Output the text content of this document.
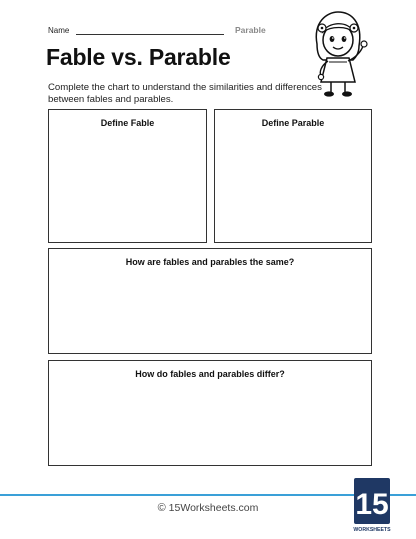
Name	Parable
Fable vs. Parable

Complete the chart to understand the similarities and differences between fables and parables.

Define Fable	Define Parable
How are fables and parables the same?
How do fables and parables differ?
© 15Worksheets.com	15
WORKSHEETS
